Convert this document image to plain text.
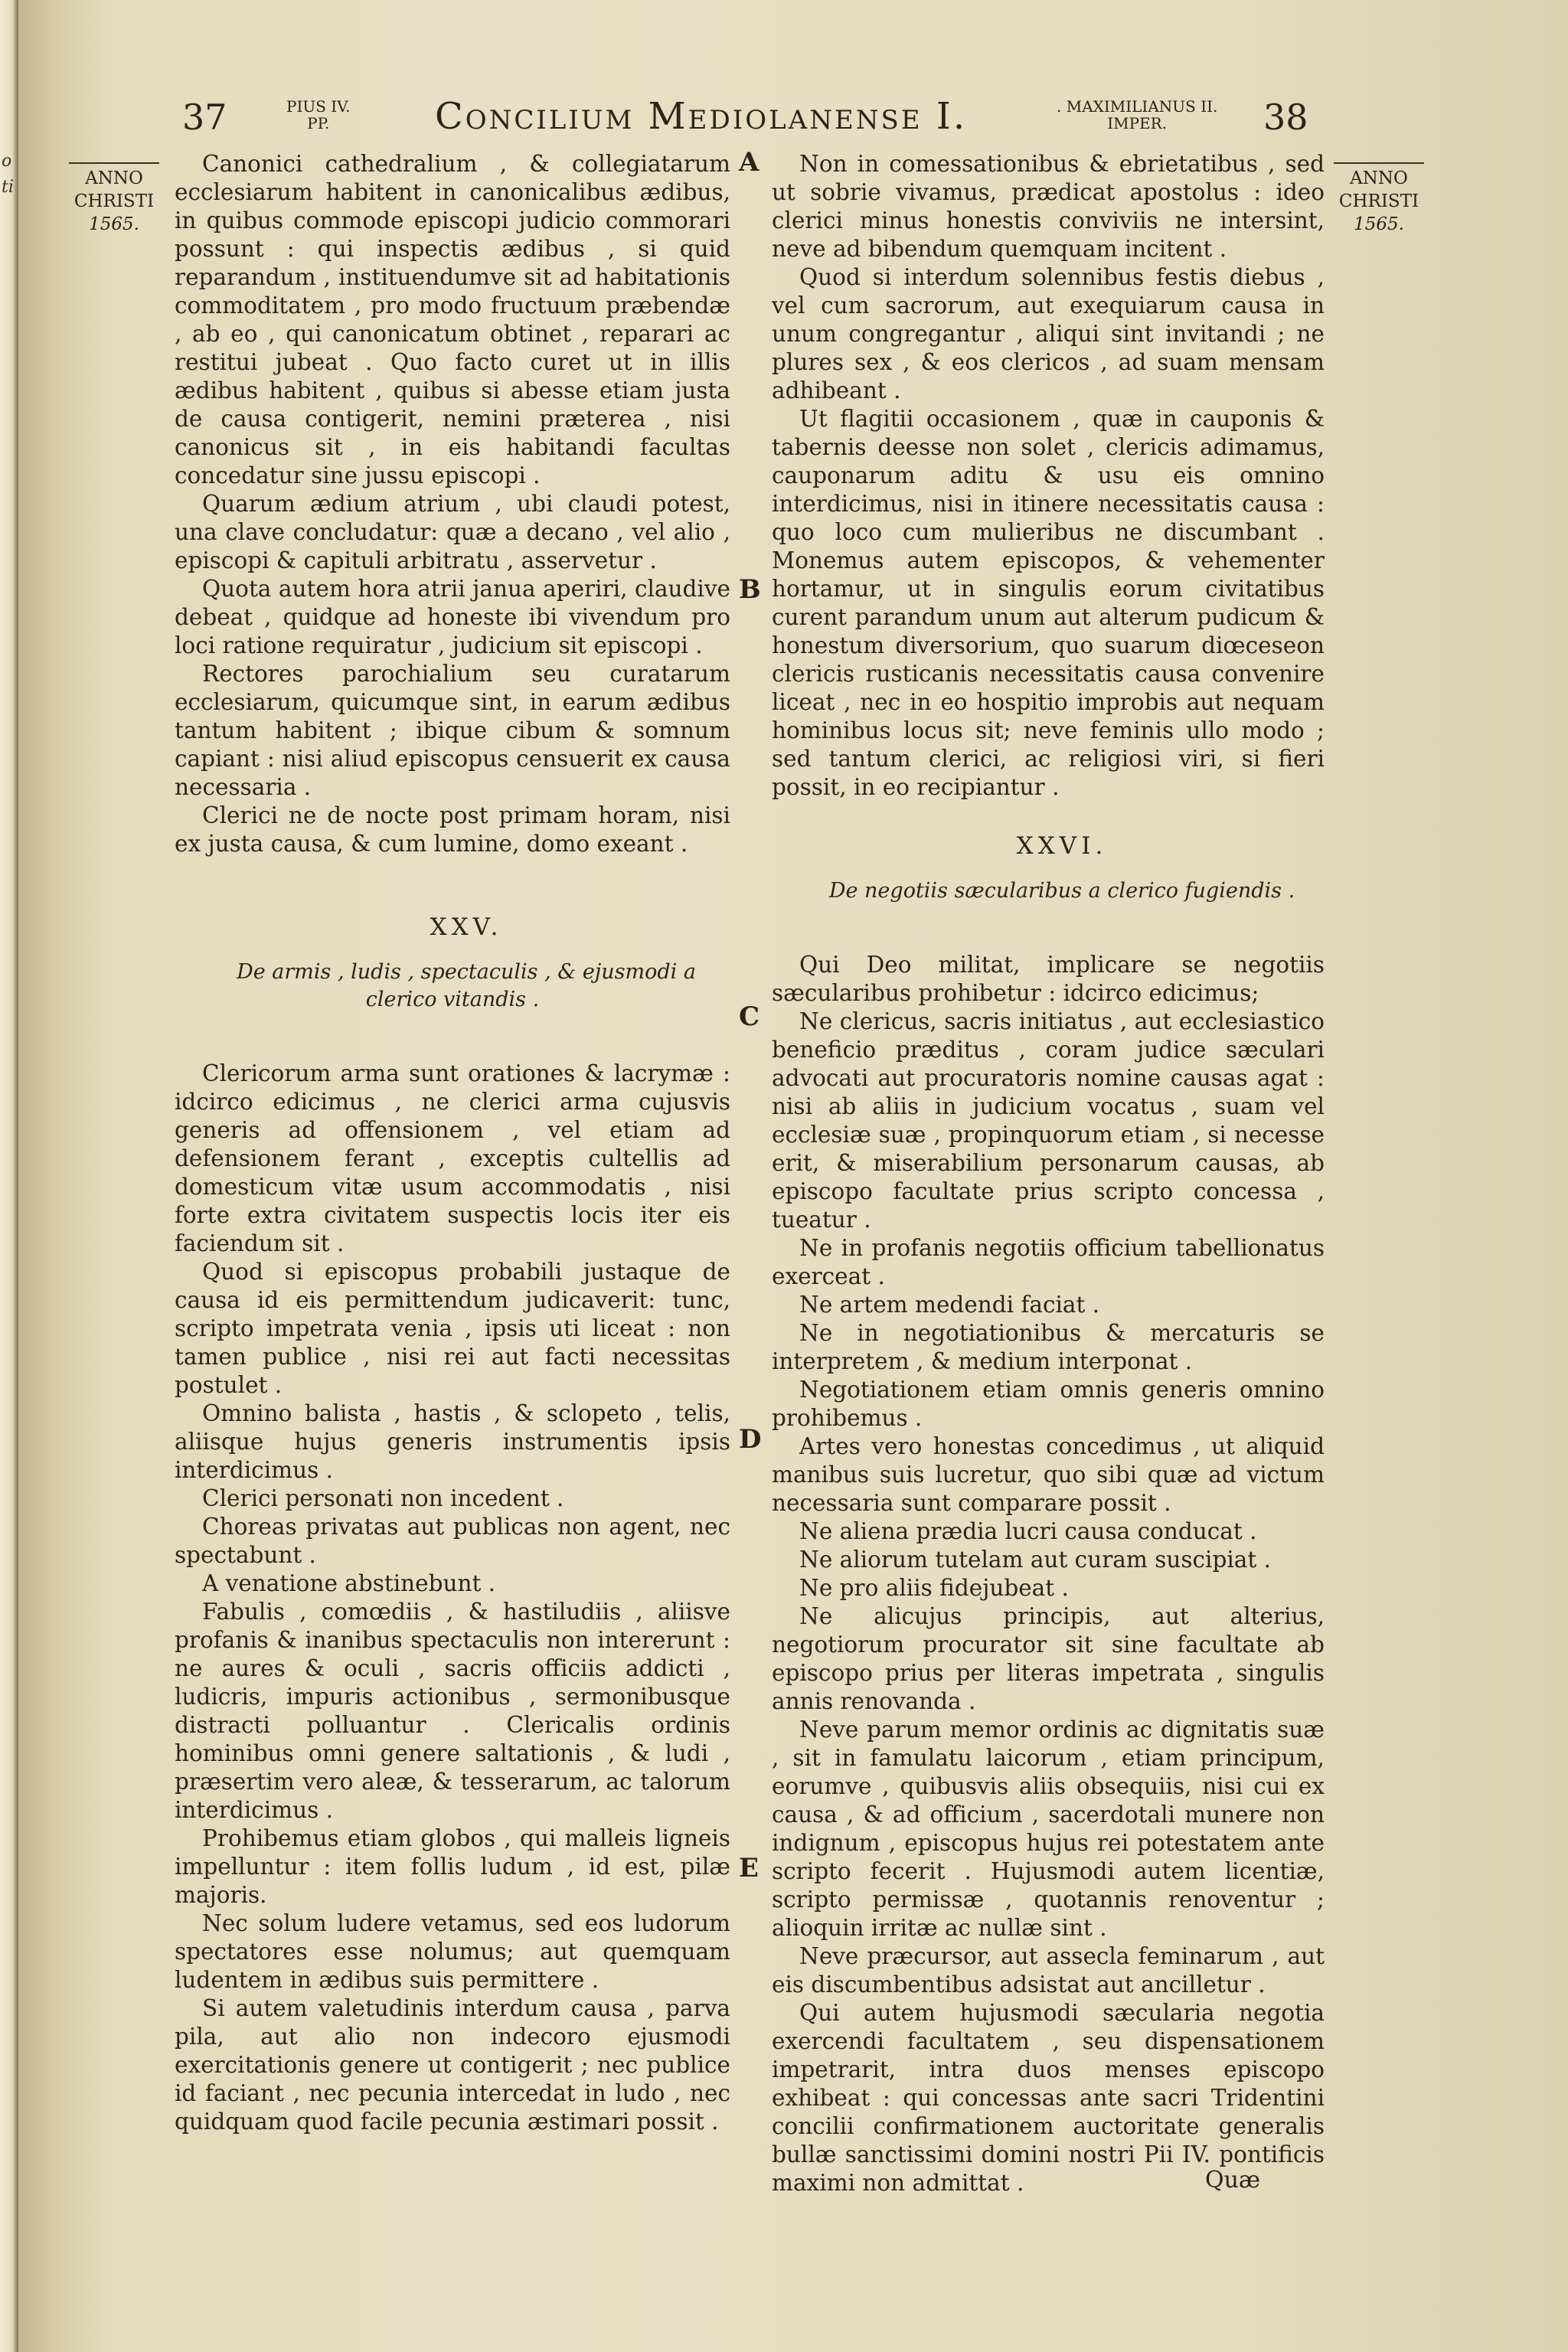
o
ti
37	PIUS IV.
PP.	Concilium Mediolanense I.	. MAXIMILIANUS II.
IMPER.	38
ANNO
CHRISTI
1565.
ANNO
CHRISTI
1565.
A
B
C
D
E

Canonici cathedralium , & collegiatarum ecclesiarum habitent in canonicalibus ædibus, in quibus commode episcopi judicio commorari possunt : qui inspectis ædibus , si quid reparandum , instituendumve sit ad habitationis commoditatem , pro modo fructuum præbendæ , ab eo , qui canonicatum obtinet , reparari ac restitui jubeat . Quo facto curet ut in illis ædibus habitent , quibus si abesse etiam justa de causa contigerit, nemini præterea , nisi canonicus sit , in eis habitandi facultas concedatur sine jussu episcopi .

Quarum ædium atrium , ubi claudi potest, una clave concludatur: quæ a decano , vel alio , episcopi & capituli arbitratu , asservetur .

Quota autem hora atrii janua aperiri, claudive debeat , quidque ad honeste ibi vivendum pro loci ratione requiratur , judicium sit episcopi .

Rectores parochialium seu curatarum ecclesiarum, quicumque sint, in earum ædibus tantum habitent ; ibique cibum & somnum capiant : nisi aliud episcopus censuerit ex causa necessaria .

Clerici ne de nocte post primam horam, nisi ex justa causa, & cum lumine, domo exeant .

XXV.

De armis , ludis , spectaculis , & ejusmodi a clerico vitandis .

Clericorum arma sunt orationes & lacrymæ : idcirco edicimus , ne clerici arma cujusvis generis ad offensionem , vel etiam ad defensionem ferant , exceptis cultellis ad domesticum vitæ usum accommodatis , nisi forte extra civitatem suspectis locis iter eis faciendum sit .

Quod si episcopus probabili justaque de causa id eis permittendum judicaverit: tunc, scripto impetrata venia , ipsis uti liceat : non tamen publice , nisi rei aut facti necessitas postulet .

Omnino balista , hastis , & sclopeto , telis, aliisque hujus generis instrumentis ipsis interdicimus .

Clerici personati non incedent .

Choreas privatas aut publicas non agent, nec spectabunt .

A venatione abstinebunt .

Fabulis , comœdiis , & hastiludiis , aliisve profanis & inanibus spectaculis non intererunt : ne aures & oculi , sacris officiis addicti , ludicris, impuris actionibus , sermonibusque distracti polluantur . Clericalis ordinis hominibus omni genere saltationis , & ludi , præsertim vero aleæ, & tesserarum, ac talorum interdicimus .

Prohibemus etiam globos , qui malleis ligneis impelluntur : item follis ludum , id est, pilæ majoris.

Nec solum ludere vetamus, sed eos ludorum spectatores esse nolumus; aut quemquam ludentem in ædibus suis permittere .

Si autem valetudinis interdum causa , parva pila, aut alio non indecoro ejusmodi exercitationis genere ut contigerit ; nec publice id faciant , nec pecunia intercedat in ludo , nec quidquam quod facile pecunia æstimari possit .

Non in comessationibus & ebrietatibus , sed ut sobrie vivamus, prædicat apostolus : ideo clerici minus honestis conviviis ne intersint, neve ad bibendum quemquam incitent .

Quod si interdum solennibus festis diebus , vel cum sacrorum, aut exequiarum causa in unum congregantur , aliqui sint invitandi ; ne plures sex , & eos clericos , ad suam mensam adhibeant .

Ut flagitii occasionem , quæ in cauponis & tabernis deesse non solet , clericis adimamus, cauponarum aditu & usu eis omnino interdicimus, nisi in itinere necessitatis causa : quo loco cum mulieribus ne discumbant . Monemus autem episcopos, & vehementer hortamur, ut in singulis eorum civitatibus curent parandum unum aut alterum pudicum & honestum diversorium, quo suarum diœceseon clericis rusticanis necessitatis causa convenire liceat , nec in eo hospitio improbis aut nequam hominibus locus sit; neve feminis ullo modo ; sed tantum clerici, ac religiosi viri, si fieri possit, in eo recipiantur .

XXVI.

De negotiis sæcularibus a clerico fugiendis .

Qui Deo militat, implicare se negotiis sæcularibus prohibetur : idcirco edicimus;

Ne clericus, sacris initiatus , aut ecclesiastico beneficio præditus , coram judice sæculari advocati aut procuratoris nomine causas agat : nisi ab aliis in judicium vocatus , suam vel ecclesiæ suæ , propinquorum etiam , si necesse erit, & miserabilium personarum causas, ab episcopo facultate prius scripto concessa , tueatur .

Ne in profanis negotiis officium tabellionatus exerceat .

Ne artem medendi faciat .

Ne in negotiationibus & mercaturis se interpretem , & medium interponat .

Negotiationem etiam omnis generis omnino prohibemus .

Artes vero honestas concedimus , ut aliquid manibus suis lucretur, quo sibi quæ ad victum necessaria sunt comparare possit .

Ne aliena prædia lucri causa conducat .

Ne aliorum tutelam aut curam suscipiat .

Ne pro aliis fidejubeat .

Ne alicujus principis, aut alterius, negotiorum procurator sit sine facultate ab episcopo prius per literas impetrata , singulis annis renovanda .

Neve parum memor ordinis ac dignitatis suæ , sit in famulatu laicorum , etiam principum, eorumve , quibusvis aliis obsequiis, nisi cui ex causa , & ad officium , sacerdotali munere non indignum , episcopus hujus rei potestatem ante scripto fecerit . Hujusmodi autem licentiæ, scripto permissæ , quotannis renoventur ; alioquin irritæ ac nullæ sint .

Neve præcursor, aut assecla feminarum , aut eis discumbentibus adsistat aut ancilletur .

Qui autem hujusmodi sæcularia negotia exercendi facultatem , seu dispensationem impetrarit, intra duos menses episcopo exhibeat : qui concessas ante sacri Tridentini concilii confirmationem auctoritate generalis bullæ sanctissimi domini nostri Pii IV. pontificis maximi non admittat .	Quæ
